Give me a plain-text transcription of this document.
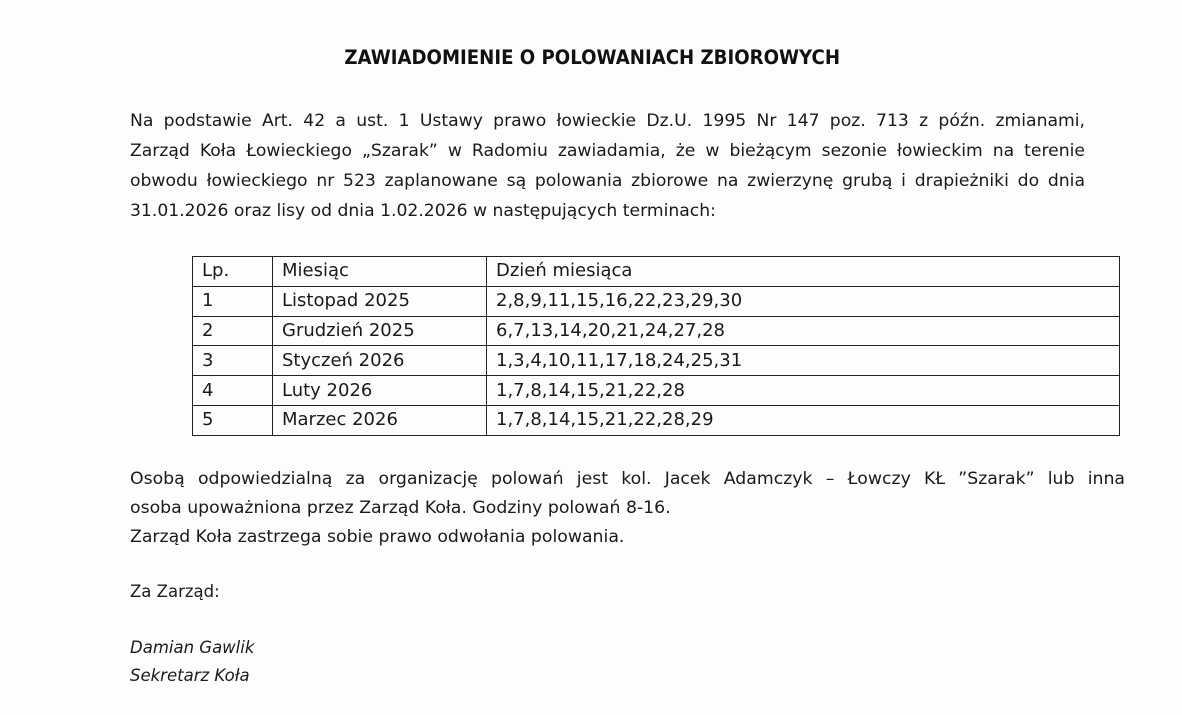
ZAWIADOMIENIE O POLOWANIACH ZBIOROWYCH
Na podstawie Art. 42 a ust. 1 Ustawy prawo łowieckie Dz.U. 1995 Nr 147 poz. 713 z późn. zmianami,
Zarząd Koła Łowieckiego „Szarak” w Radomiu zawiadamia, że w bieżącym sezonie łowieckim na terenie
obwodu łowieckiego nr 523 zaplanowane są polowania zbiorowe na zwierzynę grubą i drapieżniki do dnia
31.01.2026 oraz lisy od dnia 1.02.2026 w następujących terminach:
Lp.	Miesiąc	Dzień miesiąca
1	Listopad 2025	2,8,9,11,15,16,22,23,29,30
2	Grudzień 2025	6,7,13,14,20,21,24,27,28
3	Styczeń 2026	1,3,4,10,11,17,18,24,25,31
4	Luty 2026	1,7,8,14,15,21,22,28
5	Marzec 2026	1,7,8,14,15,21,22,28,29
Osobą odpowiedzialną za organizację polowań jest kol. Jacek Adamczyk – Łowczy KŁ ”Szarak” lub inna
osoba upoważniona przez Zarząd Koła. Godziny polowań 8-16.
Zarząd Koła zastrzega sobie prawo odwołania polowania.
Za Zarząd:
Damian Gawlik
Sekretarz Koła
